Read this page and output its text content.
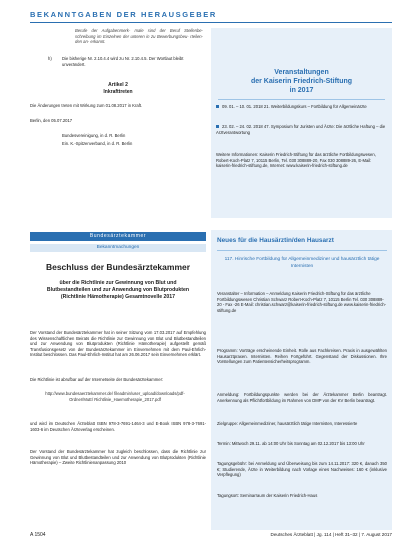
BEKANNTGABEN DER HERAUSGEBER
Berufe der Aufgabenmerk- male sind der Beruf Stellenbe- schreibung im Einzelnen der unteren in zu Bewerbungsbeu- rteilen- den an- erkannt.
h) Die bisherige Nr. 2.10.4.4 wird zu Nr. 2.10.4.5. Der Wortlaut bleibt unverändert.
Artikel 2
Inkrafttreten
Die Änderungen treten mit Wirkung zum 01.08.2017 in Kraft.
Berlin, den 05.07.2017
Bundesvereinigung, in d. R. Berlin
Ein. K.-Spitzenverband, in d. R. Berlin
Veranstaltungen
der Kaiserin Friedrich-Stiftung
in 2017
09. 01. – 10. 01. 2018 21. Weiterbildungskurs – Fortbildung für Allgemeinärzte
23. 02. – 24. 02. 2018 47. Symposium für Juristen und Ärzte: Die ärztliche Haftung – die Arztverantwortung
Weitere Informationen: Kaiserin Friedrich-Stiftung für das ärztliche Fortbildungswesen, Robert-Koch-Platz 7, 10115 Berlin, Tel. 030 308889-20, Fax 030 308889-26, E-Mail: kaiserin-friedrich-stiftung.de, Internet: www.kaiserin-friedrich-stiftung.de
Bundesärztekammer
Bekanntmachungen
Beschluss der Bundesärztekammer
über die Richtlinie zur Gewinnung von Blut und Blutbestandteilen und zur Anwendung von Blutprodukten (Richtlinie Hämotherapie) Gesamtnovelle 2017
Der Vorstand der Bundesärztekammer hat in seiner Sitzung vom 17.03.2017 auf Empfehlung des Wissenschaftlichen Beirats die Richtlinie zur Gewinnung von Blut und Blutbestandteilen und zur Anwendung von Blutprodukten (Richtlinie Hämotherapie) aufgestellt gemäß Transfusionsgesetz von der Bundesärztekammer im Einvernehmen mit dem Paul-Ehrlich-Institut beschlossen. Das Paul-Ehrlich-Institut hat am 26.06.2017 sein Einvernehmen erklärt.
Die Richtlinie ist abrufbar auf der Internetseite der Bundesärztekammer:
http://www.bundesaerztekammer.de/ fileadmin/user_upload/downloads/pdf-Ordner/MuE/ Richtlinie_Haemotherapie_2017.pdf
und wird im Deutschen Ärzteblatt ISBN 978-3-7691-1464-3 und E-Book ISBN 978-3-7691-1603-6 im Deutschen Ärzteverlag erscheinen.
Der Vorstand der Bundesärztekammer hat zugleich beschlossen, dass die Richtlinie zur Gewinnung von Blut und Blutbestandteilen und zur Anwendung von Blutprodukten (Richtlinie Hämotherapie) – Zweite Richtlinienanpassung 2010
Neues für die Hausärztin/den Hausarzt
117. Hinrische Fortbildung für Allgemeinmediziner und hausärztlich tätige Internisten
Veranstalter – Information – Anmeldung Kaiserin Friedrich-Stiftung für das ärztliche Fortbildungswesen Christian Schwarz Robert-Koch-Platz 7, 10115 Berlin Tel. 030 308889-20 - Fax -26 E-Mail: christian.schwarz@kaiserin-friedrich-stiftung.de www.kaiserin-friedrich-stiftung.de
Programm: Vorträge erscheinende Einheit. Rolle aus Fachkreisen. Praxis in ausgewählten Hausarztpraxen. Internisten. Reihen Fortgeführt. Gegenstand der Diskussionen. Ihre Vorstellungen zum Patientensicherheitsprogramm.
Anmeldung: Fortbildungspunkte werden bei der Ärztekammer Berlin beantragt. Anerkennung als Pflichtfortbildung im Rahmen von DMP von der KV Berlin beantragt.
Zielgruppe: Allgemeinmediziner, hausärztlich tätige Internisten, Interessierte
Termin: Mittwoch 29.11. ab 14:00 Uhr bis Sonntag am 02.12.2017 bis 13:00 Uhr
Tagungsgebühr: bei Anmeldung und Überweisung bis zum 14.11.2017: 320 €, danach 350 €; Studierende, Ärzte in Weiterbildung nach Vorlage eines Nachweises: 160 € (inklusive Verpflegung)
Tagungsort: Seminarraum der Kaiserin Friedrich-Haus
A 1504	Deutsches Ärzteblatt | Jg. 114 | Heft 31–32 | 7. August 2017
